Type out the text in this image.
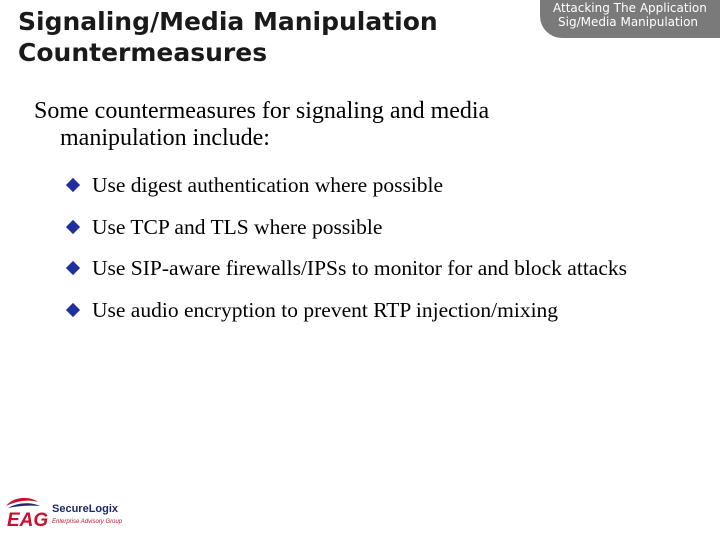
Signaling/Media Manipulation
Countermeasures
Attacking The Application
Sig/Media Manipulation
Some countermeasures for signaling and media
manipulation include:
Use digest authentication where possible
Use TCP and TLS where possible
Use SIP-aware firewalls/IPSs to monitor for and block attacks
Use audio encryption to prevent RTP injection/mixing
EAG
SecureLogix
Enterprise Advisory Group
